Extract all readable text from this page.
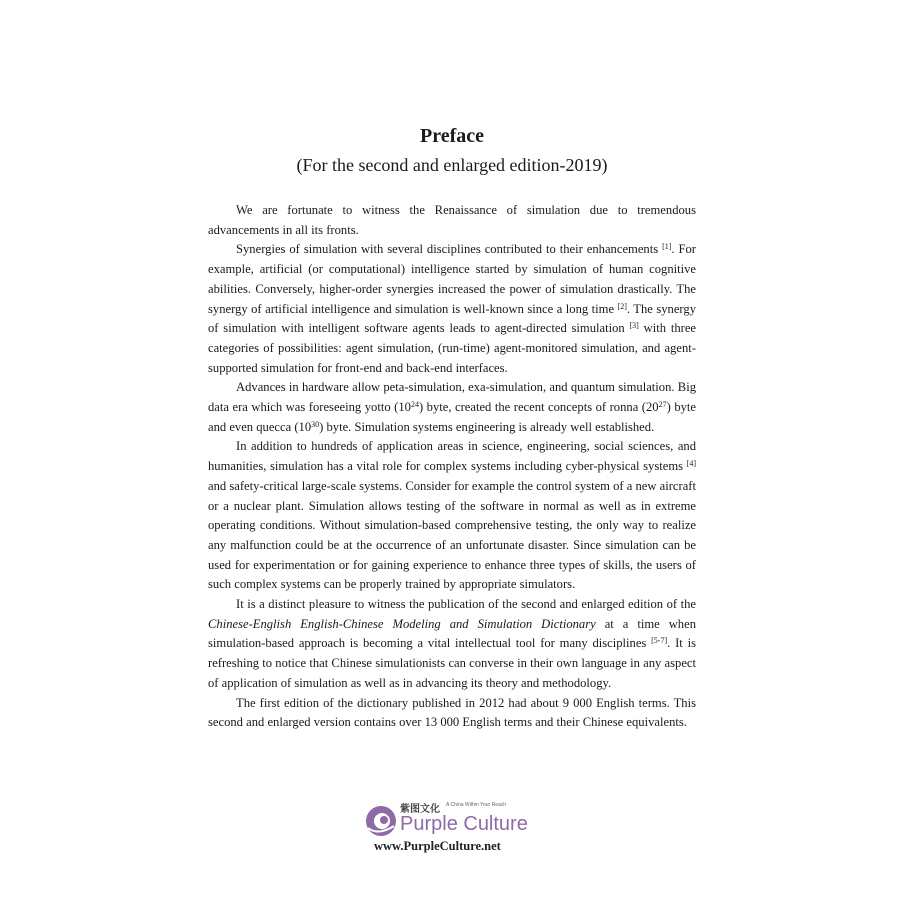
Preface
(For the second and enlarged edition-2019)

We are fortunate to witness the Renaissance of simulation due to tremendous advancements in all its fronts.

Synergies of simulation with several disciplines contributed to their enhancements [1]. For example, artificial (or computational) intelligence started by simulation of human cognitive abilities. Conversely, higher-order synergies increased the power of simulation drastically. The synergy of artificial intelligence and simulation is well-known since a long time [2]. The synergy of simulation with intelligent software agents leads to agent-directed simulation [3] with three categories of possibilities: agent simulation, (run-time) agent-monitored simulation, and agent-supported simulation for front-end and back-end interfaces.

Advances in hardware allow peta-simulation, exa-simulation, and quantum simulation. Big data era which was foreseeing yotto $(10^{24})$ byte, created the recent concepts of ronna $(20^{27})$ byte and even quecca $(10^{30})$ byte. Simulation systems engineering is already well established.

In addition to hundreds of application areas in science, engineering, social sciences, and humanities, simulation has a vital role for complex systems including cyber-physical systems [4] and safety-critical large-scale systems. Consider for example the control system of a new aircraft or a nuclear plant. Simulation allows testing of the software in normal as well as in extreme operating conditions. Without simulation-based comprehensive testing, the only way to realize any malfunction could be at the occurrence of an unfortunate disaster. Since simulation can be used for experimentation or for gaining experience to enhance three types of skills, the users of such complex systems can be properly trained by appropriate simulators.

It is a distinct pleasure to witness the publication of the second and enlarged edition of the Chinese-English English-Chinese Modeling and Simulation Dictionary at a time when simulation-based approach is becoming a vital intellectual tool for many disciplines [5-7]. It is refreshing to notice that Chinese simulationists can converse in their own language in any aspect of application of simulation as well as in advancing its theory and methodology.

The first edition of the dictionary published in 2012 had about 9 000 English terms. This second and enlarged version contains over 13 000 English terms and their Chinese equivalents.

紫图文化 A China Within Your Reach
Purple Culture
www.PurpleCulture.net
